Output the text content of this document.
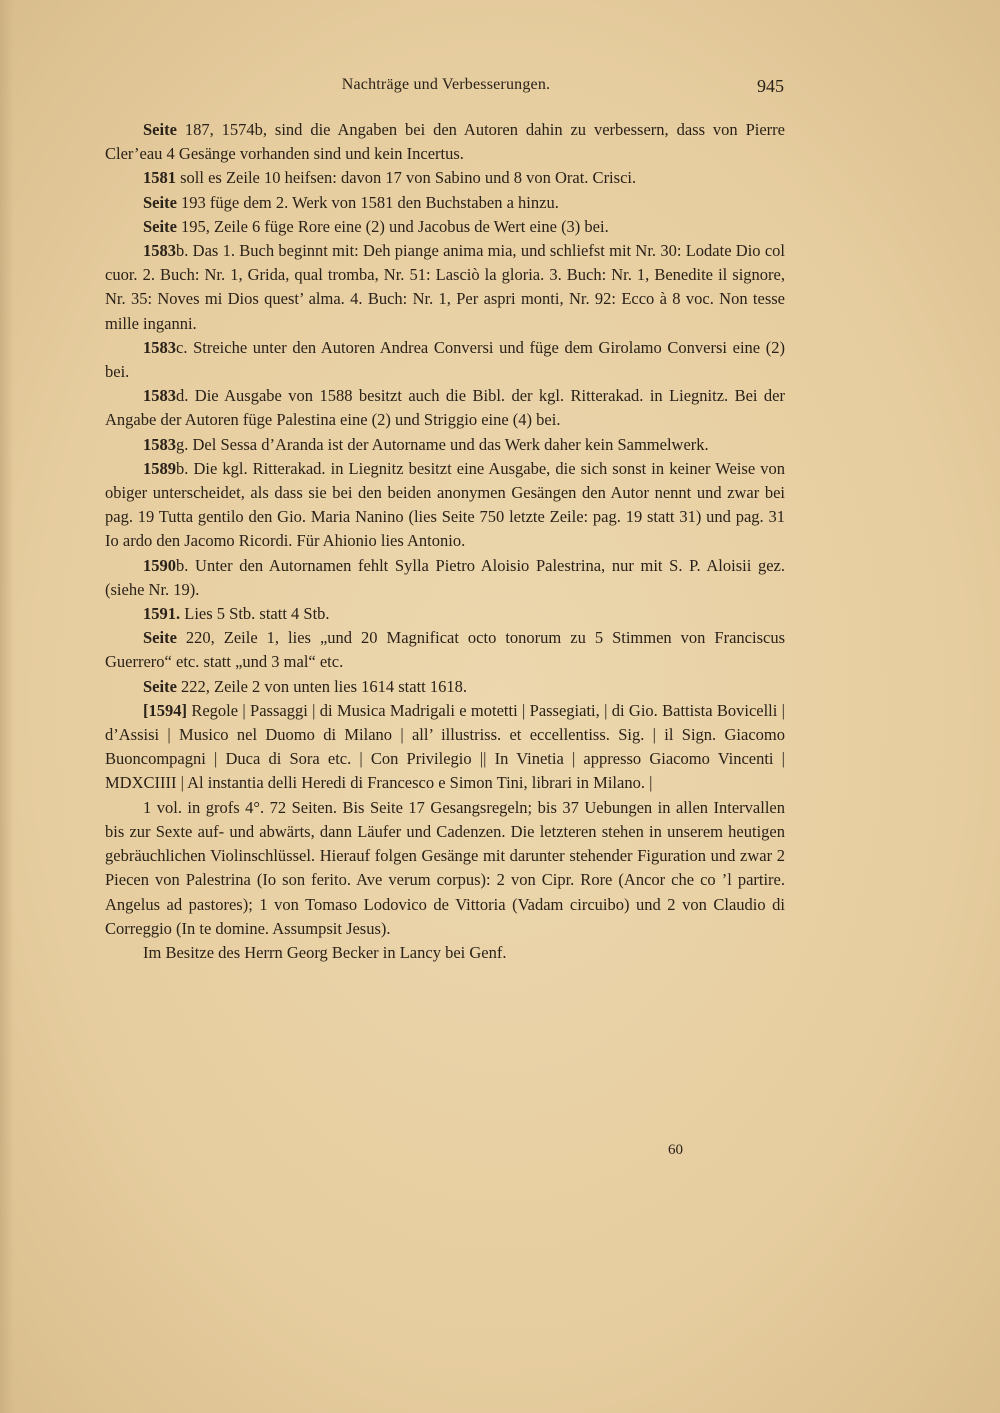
Nachträge und Verbesserungen.	945

Seite 187, 1574b, sind die Angaben bei den Autoren dahin zu verbessern, dass von Pierre Cler’eau 4 Gesänge vorhanden sind und kein Incertus.

1581 soll es Zeile 10 heifsen: davon 17 von Sabino und 8 von Orat. Crisci.

Seite 193 füge dem 2. Werk von 1581 den Buchstaben a hinzu.

Seite 195, Zeile 6 füge Rore eine (2) und Jacobus de Wert eine (3) bei.

1583b. Das 1. Buch beginnt mit: Deh piange anima mia, und schliefst mit Nr. 30: Lodate Dio col cuor. 2. Buch: Nr. 1, Grida, qual tromba, Nr. 51: Lasciò la gloria. 3. Buch: Nr. 1, Benedite il signore, Nr. 35: Noves mi Dios quest’ alma. 4. Buch: Nr. 1, Per aspri monti, Nr. 92: Ecco à 8 voc. Non tesse mille inganni.

1583c. Streiche unter den Autoren Andrea Conversi und füge dem Girolamo Conversi eine (2) bei.

1583d. Die Ausgabe von 1588 besitzt auch die Bibl. der kgl. Ritterakad. in Liegnitz. Bei der Angabe der Autoren füge Palestina eine (2) und Striggio eine (4) bei.

1583g. Del Sessa d’Aranda ist der Autorname und das Werk daher kein Sammelwerk.

1589b. Die kgl. Ritterakad. in Liegnitz besitzt eine Ausgabe, die sich sonst in keiner Weise von obiger unterscheidet, als dass sie bei den beiden anonymen Gesängen den Autor nennt und zwar bei pag. 19 Tutta gentilo den Gio. Maria Nanino (lies Seite 750 letzte Zeile: pag. 19 statt 31) und pag. 31 Io ardo den Jacomo Ricordi. Für Ahionio lies Antonio.

1590b. Unter den Autornamen fehlt Sylla Pietro Aloisio Palestrina, nur mit S. P. Aloisii gez. (siehe Nr. 19).

1591. Lies 5 Stb. statt 4 Stb.

Seite 220, Zeile 1, lies „und 20 Magnificat octo tonorum zu 5 Stimmen von Franciscus Guerrero“ etc. statt „und 3 mal“ etc.

Seite 222, Zeile 2 von unten lies 1614 statt 1618.

[1594] Regole | Passaggi | di Musica Madrigali e motetti | Passegiati, | di Gio. Battista Bovicelli | d’Assisi | Musico nel Duomo di Milano | all’ illustriss. et eccellentiss. Sig. | il Sign. Giacomo Buoncompagni | Duca di Sora etc. | Con Privilegio || In Vinetia | appresso Giacomo Vincenti | MDXCIIII | Al instantia delli Heredi di Francesco e Simon Tini, librari in Milano. |

1 vol. in grofs 4°. 72 Seiten. Bis Seite 17 Gesangsregeln; bis 37 Uebungen in allen Intervallen bis zur Sexte auf- und abwärts, dann Läufer und Cadenzen. Die letzteren stehen in unserem heutigen gebräuchlichen Violinschlüssel. Hierauf folgen Gesänge mit darunter stehender Figuration und zwar 2 Piecen von Palestrina (Io son ferito. Ave verum corpus): 2 von Cipr. Rore (Ancor che co ’l partire. Angelus ad pastores); 1 von Tomaso Lodovico de Vittoria (Vadam circuibo) und 2 von Claudio di Correggio (In te domine. Assumpsit Jesus).

Im Besitze des Herrn Georg Becker in Lancy bei Genf.

60
